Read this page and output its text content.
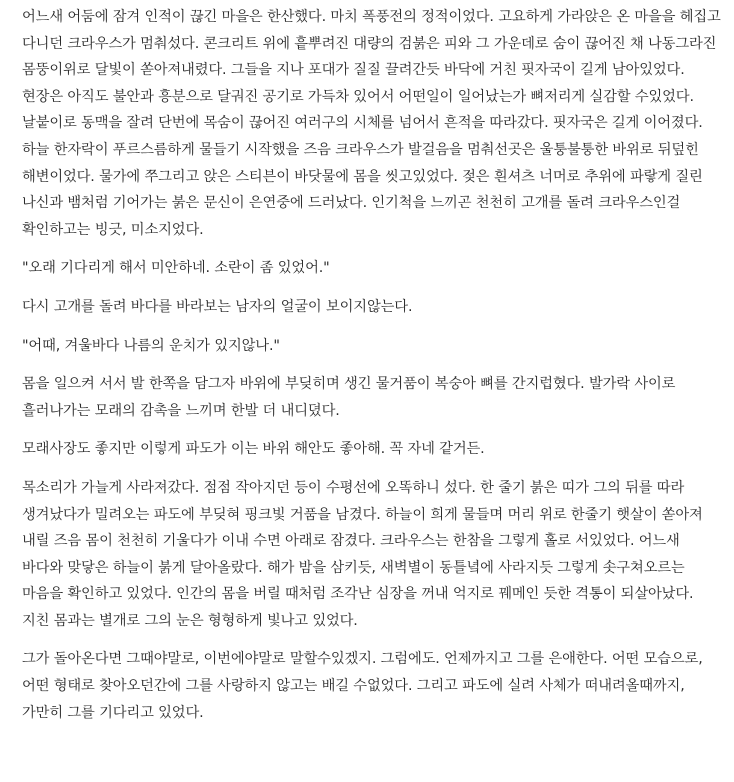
어느새 어둠에 잠겨 인적이 끊긴 마을은 한산했다. 마치 폭풍전의 정적이었다. 고요하게 가라앉은 온 마을을 헤집고 다니던 크라우스가 멈춰섰다. 콘크리트 위에 흩뿌려진 대량의 검붉은 피와 그 가운데로 숨이 끊어진 채 나동그라진 몸뚱이위로 달빛이 쏟아져내렸다. 그들을 지나 포대가 질질 끌려간듯 바닥에 거친 핏자국이 길게 남아있었다. 현장은 아직도 불안과 흥분으로 달궈진 공기로 가득차 있어서 어떤일이 일어났는가 뼈저리게 실감할 수있었다. 날붙이로 동맥을 잘려 단번에 목숨이 끊어진 여러구의 시체를 넘어서 흔적을 따라갔다. 핏자국은 길게 이어졌다. 하늘 한자락이 푸르스름하게 물들기 시작했을 즈음 크라우스가 발걸음을 멈춰선곳은 울퉁불퉁한 바위로 뒤덮힌 해변이었다. 물가에 쭈그리고 앉은 스티븐이 바닷물에 몸을 씻고있었다. 젖은 흰셔츠 너머로 추위에 파랗게 질린 나신과 뱀처럼 기어가는 붉은 문신이 은연중에 드러났다. 인기척을 느끼곤 천천히 고개를 돌려 크라우스인걸 확인하고는 빙긋, 미소지었다.

"오래 기다리게 해서 미안하네. 소란이 좀 있었어."

다시 고개를 돌려 바다를 바라보는 남자의 얼굴이 보이지않는다.

"어때, 겨울바다 나름의 운치가 있지않나."

몸을 일으켜 서서 발 한쪽을 담그자 바위에 부딪히며 생긴 물거품이 복숭아 뼈를 간지럽혔다. 발가락 사이로 흘러나가는 모래의 감촉을 느끼며 한발 더 내디뎠다.

모래사장도 좋지만 이렇게 파도가 이는 바위 해안도 좋아해. 꼭 자네 같거든.

목소리가 가늘게 사라져갔다. 점점 작아지던 등이 수평선에 오똑하니 섰다. 한 줄기 붉은 띠가 그의 뒤를 따라 생겨났다가 밀려오는 파도에 부딪혀 핑크빛 거품을 남겼다. 하늘이 희게 물들며 머리 위로 한줄기 햇살이 쏟아져 내릴 즈음 몸이 천천히 기울다가 이내 수면 아래로 잠겼다. 크라우스는 한참을 그렇게 홀로 서있었다. 어느새 바다와 맞닿은 하늘이 붉게 달아올랐다. 해가 밤을 삼키듯, 새벽별이 동틀녘에 사라지듯 그렇게 솟구쳐오르는 마음을 확인하고 있었다. 인간의 몸을 버릴 때처럼 조각난 심장을 꺼내 억지로 꿰메인 듯한 격통이 되살아났다. 지친 몸과는 별개로 그의 눈은 형형하게 빛나고 있었다.

그가 돌아온다면 그때야말로, 이번에야말로 말할수있겠지. 그럼에도. 언제까지고 그를 은애한다. 어떤 모습으로, 어떤 형태로 찾아오던간에 그를 사랑하지 않고는 배길 수없었다. 그리고 파도에 실려 사체가 떠내려올때까지, 가만히 그를 기다리고 있었다.
